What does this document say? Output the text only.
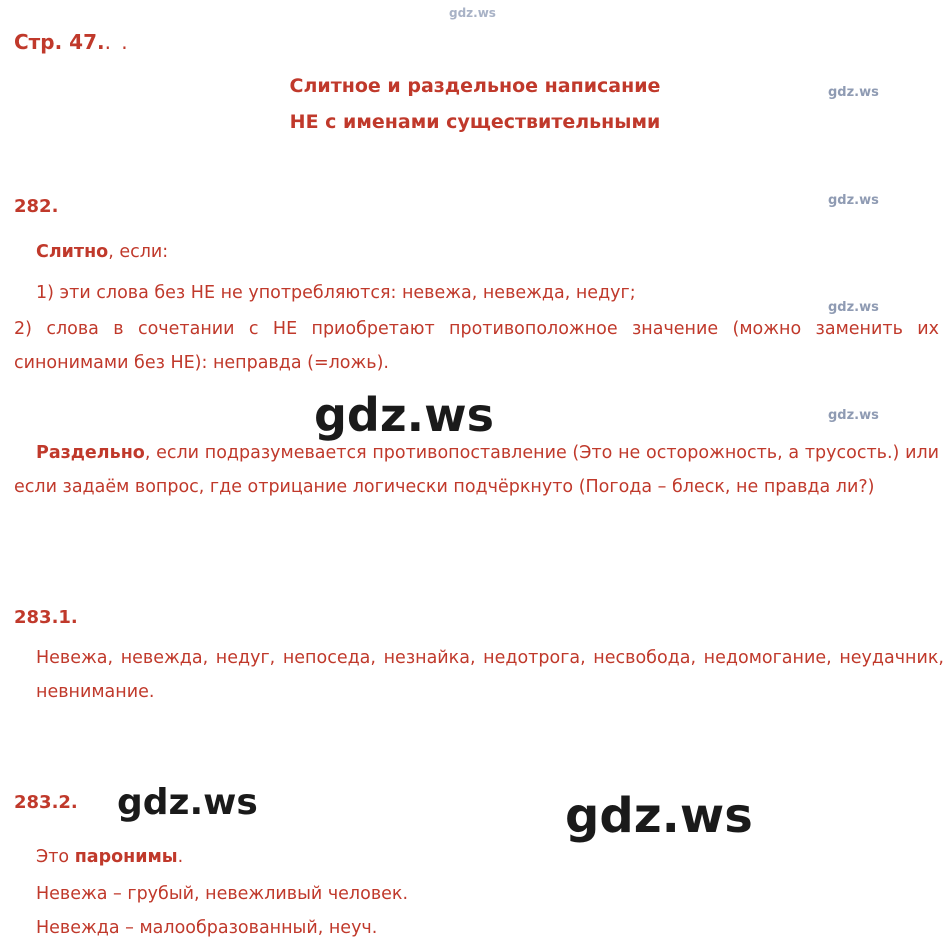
gdz.ws
gdz.ws
gdz.ws
gdz.ws
gdz.ws
gdz.ws
gdz.ws	gdz.ws
Стр. 47.. .
Слитное и раздельное написание
НЕ с именами существительными
282.
Слитно, если:
1) эти слова без НЕ не употребляются: невежа, невежда, недуг;
2) слова в сочетании с НЕ приобретают противоположное значение (можно заменить их синонимами без НЕ): неправда (=ложь).
Раздельно, если подразумевается противопоставление (Это не осторожность, а трусость.) или если задаём вопрос, где отрицание логически подчёркнуто (Погода – блеск, не правда ли?)
283.1.
Невежа, невежда, недуг, непоседа, незнайка, недотрога, несвобода, недомогание, неудачник, невнимание.
283.2.
Это паронимы.
Невежа – грубый, невежливый человек.
Невежда – малообразованный, неуч.
